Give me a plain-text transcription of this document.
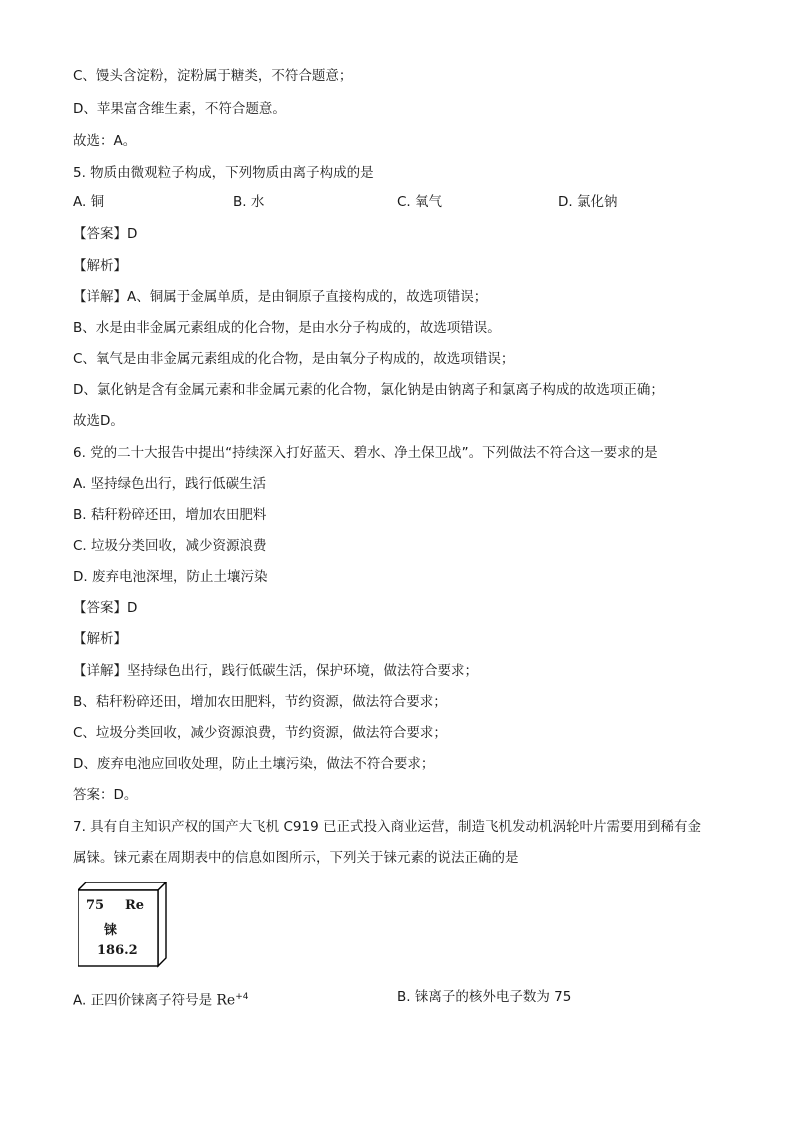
C、馒头含淀粉，淀粉属于糖类，不符合题意；
D、苹果富含维生素，不符合题意。
故选：A。
5. 物质由微观粒子构成，下列物质由离子构成的是
A. 铜	B. 水	C. 氧气	D. 氯化钠
【答案】D
【解析】
【详解】A、铜属于金属单质，是由铜原子直接构成的，故选项错误；
B、水是由非金属元素组成的化合物，是由水分子构成的，故选项错误。
C、氧气是由非金属元素组成的化合物，是由氧分子构成的，故选项错误；
D、氯化钠是含有金属元素和非金属元素的化合物，氯化钠是由钠离子和氯离子构成的故选项正确；
故选D。
6. 党的二十大报告中提出“持续深入打好蓝天、碧水、净土保卫战”。下列做法不符合这一要求的是
A. 坚持绿色出行，践行低碳生活
B. 秸秆粉碎还田，增加农田肥料
C. 垃圾分类回收，减少资源浪费
D. 废弃电池深埋，防止土壤污染
【答案】D
【解析】
【详解】坚持绿色出行，践行低碳生活，保护环境，做法符合要求；
B、秸秆粉碎还田，增加农田肥料，节约资源，做法符合要求；
C、垃圾分类回收，减少资源浪费，节约资源，做法符合要求；
D、废弃电池应回收处理，防止土壤污染，做法不符合要求；
答案：D。
7. 具有自主知识产权的国产大飞机 C919 已正式投入商业运营，制造飞机发动机涡轮叶片需要用到稀有金
属铼。铼元素在周期表中的信息如图所示，下列关于铼元素的说法正确的是
75 Re
铼
186.2
A. 正四价铼离子符号是 $Re^{+4}$	B. 铼离子的核外电子数为 75
